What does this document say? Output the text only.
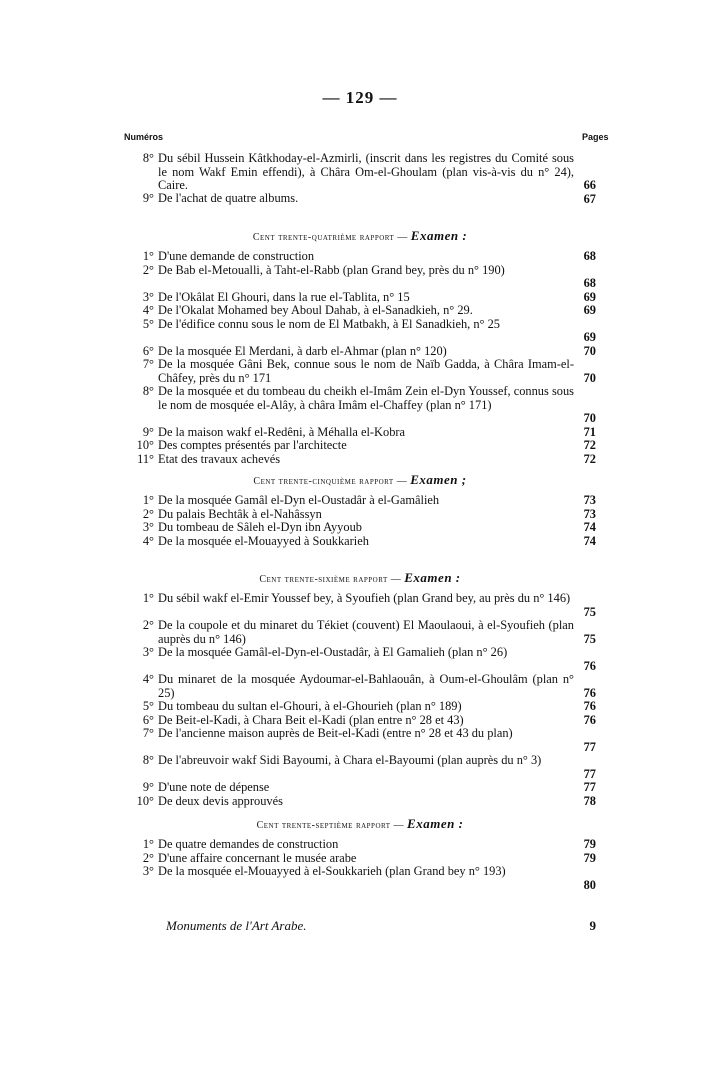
— 129 —
Numéros	Pages
8° Du sébil Hussein Kâtkhoday-el-Azmirli, (inscrit dans les registres du Comité sous le nom Wakf Emin effendi), à Châra Om-el-Ghoulam (plan vis-à-vis du n° 24), Caire.	66
9° De l'achat de quatre albums.	67
Cent trente-quatrième rapport — Examen :
1° D'une demande de construction	68
2° De Bab el-Metoualli, à Taht-el-Rabb (plan Grand bey, près du n° 190)
68
3° De l'Okâlat El Ghouri, dans la rue el-Tablita, n° 15	69
4° De l'Okalat Mohamed bey Aboul Dahab, à el-Sanadkieh, n° 29.	69
5° De l'édifice connu sous le nom de El Matbakh, à El Sanadkieh, n° 25
69
6° De la mosquée El Merdani, à darb el-Ahmar (plan n° 120)	70
7° De la mosquée Gâni Bek, connue sous le nom de Naïb Gadda, à Châra Imam-el-Châfey, près du n° 171	70
8° De la mosquée et du tombeau du cheikh el-Imâm Zein el-Dyn Youssef, connus sous le nom de mosquée el-Alây, à châra Imâm el-Chaffey (plan n° 171)
70
9° De la maison wakf el-Redêni, à Méhalla el-Kobra	71
10° Des comptes présentés par l'architecte	72
11° Etat des travaux achevés	72
Cent trente-cinquième rapport — Examen ;
1° De la mosquée Gamâl el-Dyn el-Oustadâr à el-Gamâlieh	73
2° Du palais Bechtâk à el-Nahâssyn	73
3° Du tombeau de Sâleh el-Dyn ibn Ayyoub	74
4° De la mosquée el-Mouayyed à Soukkarieh	74
Cent trente-sixième rapport — Examen :
1° Du sébil wakf el-Emir Youssef bey, à Syoufieh (plan Grand bey, au près du n° 146)
75
2° De la coupole et du minaret du Tékiet (couvent) El Maoulaoui, à el-Syoufieh (plan auprès du n° 146)	75
3° De la mosquée Gamâl-el-Dyn-el-Oustadâr, à El Gamalieh (plan n° 26)
76
4° Du minaret de la mosquée Aydoumar-el-Bahlaouân, à Oum-el-Ghoulâm (plan n° 25)	76
5° Du tombeau du sultan el-Ghouri, à el-Ghourieh (plan n° 189)	76
6° De Beit-el-Kadi, à Chara Beit el-Kadi (plan entre n° 28 et 43)	76
7° De l'ancienne maison auprès de Beit-el-Kadi (entre n° 28 et 43 du plan)
77
8° De l'abreuvoir wakf Sidi Bayoumi, à Chara el-Bayoumi (plan auprès du n° 3)
77
9° D'une note de dépense	77
10° De deux devis approuvés	78
Cent trente-septième rapport — Examen :
1° De quatre demandes de construction	79
2° D'une affaire concernant le musée arabe	79
3° De la mosquée el-Mouayyed à el-Soukkarieh (plan Grand bey n° 193)
80
Monuments de l'Art Arabe.	9
